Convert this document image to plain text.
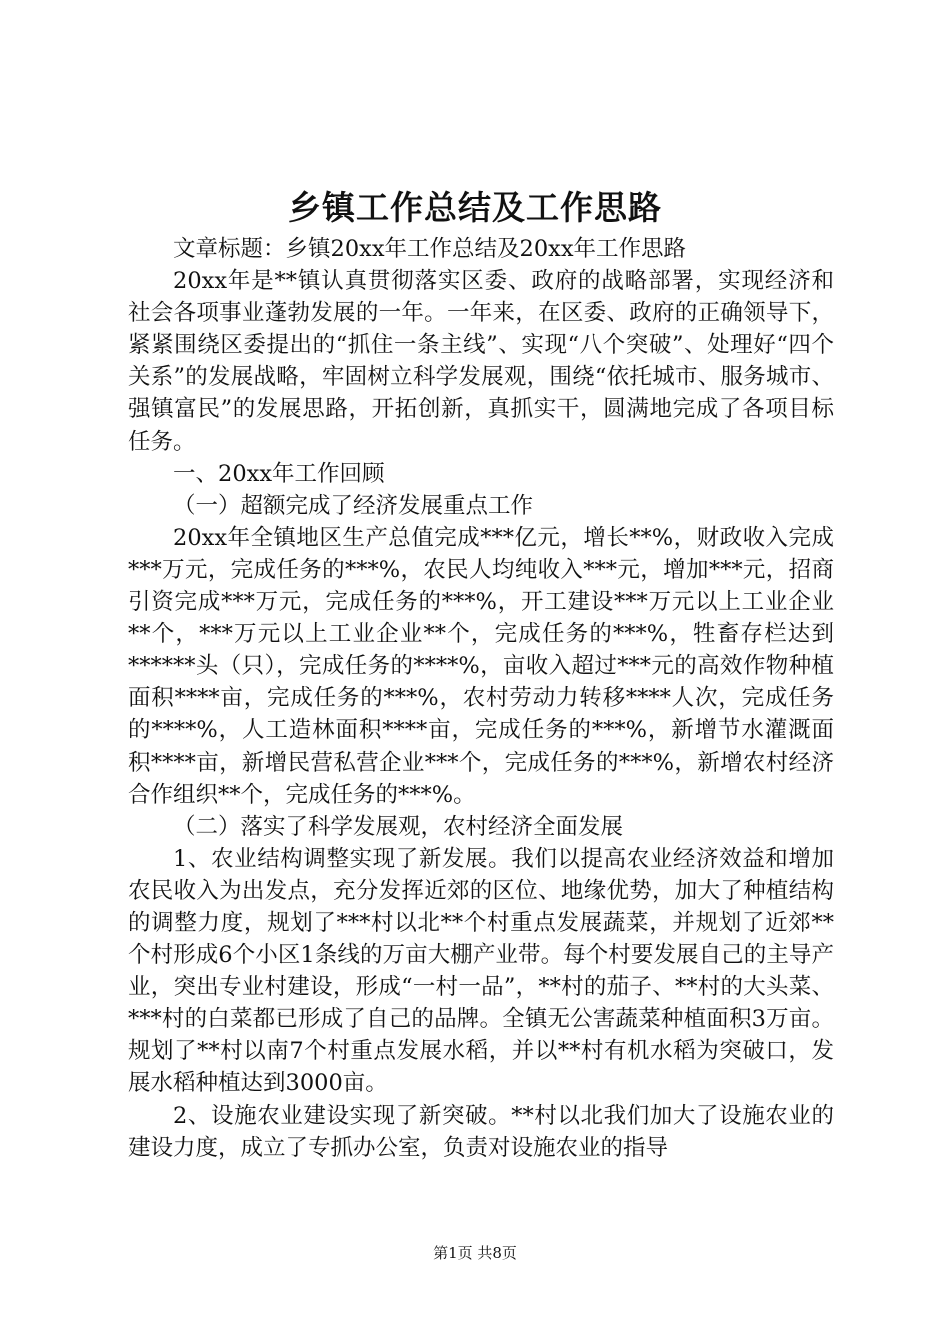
乡镇工作总结及工作思路

文章标题：乡镇20xx年工作总结及20xx年工作思路

20xx年是**镇认真贯彻落实区委、政府的战略部署，实现经济和社会各项事业蓬勃发展的一年。一年来，在区委、政府的正确领导下，紧紧围绕区委提出的“抓住一条主线”、实现“八个突破”、处理好“四个关系”的发展战略，牢固树立科学发展观，围绕“依托城市、服务城市、强镇富民”的发展思路，开拓创新，真抓实干，圆满地完成了各项目标任务。

一、20xx年工作回顾

（一）超额完成了经济发展重点工作

20xx年全镇地区生产总值完成***亿元，增长**%，财政收入完成***万元，完成任务的***%，农民人均纯收入***元，增加***元，招商引资完成***万元，完成任务的***%，开工建设***万元以上工业企业**个，***万元以上工业企业**个，完成任务的***%，牲畜存栏达到******头（只），完成任务的****%，亩收入超过***元的高效作物种植面积****亩，完成任务的***%，农村劳动力转移****人次，完成任务的****%，人工造林面积****亩，完成任务的***%，新增节水灌溉面积****亩，新增民营私营企业***个，完成任务的***%，新增农村经济合作组织**个，完成任务的***%。

（二）落实了科学发展观，农村经济全面发展

1、农业结构调整实现了新发展。我们以提高农业经济效益和增加农民收入为出发点，充分发挥近郊的区位、地缘优势，加大了种植结构的调整力度，规划了***村以北**个村重点发展蔬菜，并规划了近郊**个村形成6个小区1条线的万亩大棚产业带。每个村要发展自己的主导产业，突出专业村建设，形成“一村一品”，**村的茄子、**村的大头菜、***村的白菜都已形成了自己的品牌。全镇无公害蔬菜种植面积3万亩。规划了**村以南7个村重点发展水稻，并以**村有机水稻为突破口，发展水稻种植达到3000亩。

2、设施农业建设实现了新突破。**村以北我们加大了设施农业的建设力度，成立了专抓办公室，负责对设施农业的指导

第1页 共8页
